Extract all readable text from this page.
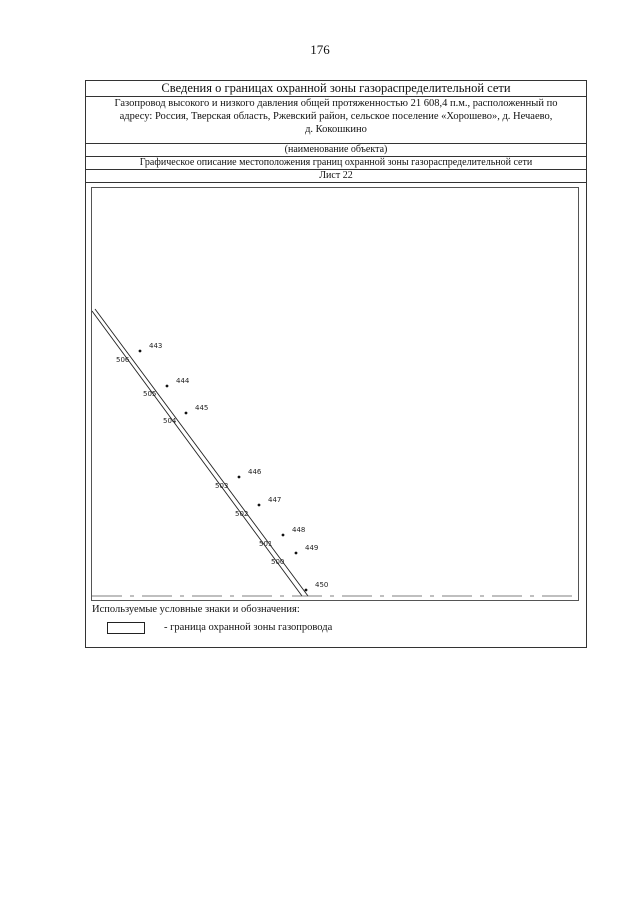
176
Сведения о границах охранной зоны газораспределительной сети
Газопровод высокого и низкого давления общей протяженностью 21 608,4 п.м., расположенный по
адресу: Россия, Тверская область, Ржевский район, сельское поселение «Хорошево», д. Нечаево,
д. Кокошкино
(наименование объекта)
Графическое описание местоположения границ охранной зоны газораспределительной сети
Лист 22
443
444
445
446
447
448
449
450
506
505
504
503
502
501
500
Используемые условные знаки и обозначения:
- граница охранной зоны газопровода
